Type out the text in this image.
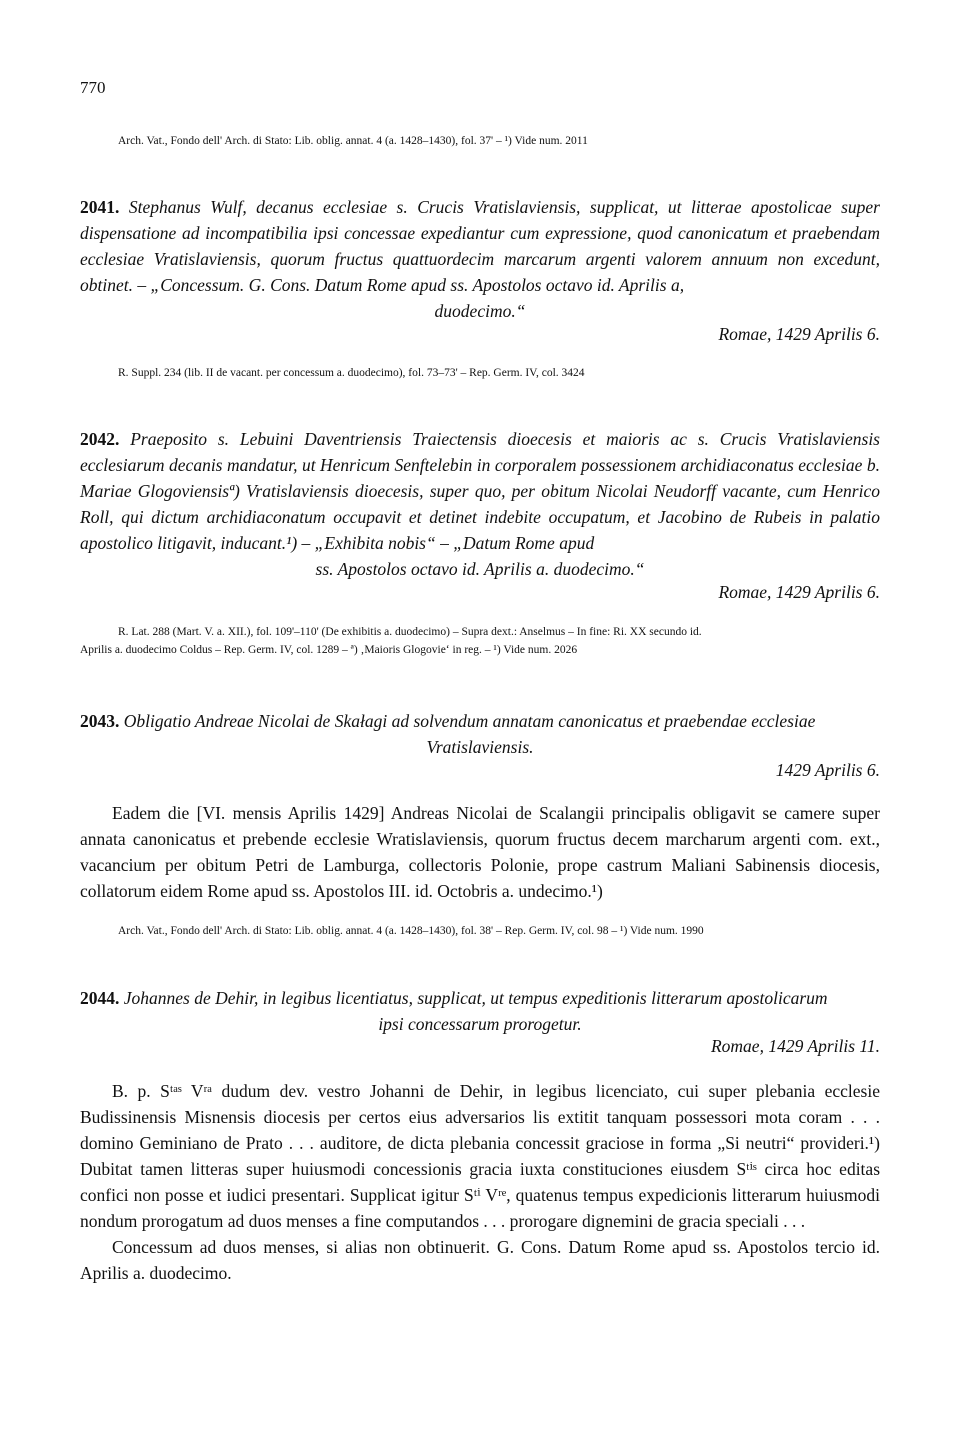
770
Arch. Vat., Fondo dell' Arch. di Stato: Lib. oblig. annat. 4 (a. 1428–1430), fol. 37' – ¹) Vide num. 2011
2041. Stephanus Wulf, decanus ecclesiae s. Crucis Vratislaviensis, supplicat, ut litterae apostolicae super dispensatione ad incompatibilia ipsi concessae expediantur cum expressione, quod canonicatum et praebendam ecclesiae Vratislaviensis, quorum fructus quattuordecim marcarum argenti valorem annuum non excedunt, obtinet. – „Concessum. G. Cons. Datum Rome apud ss. Apostolos octavo id. Aprilis a,
duodecimo.“
Romae, 1429 Aprilis 6.
R. Suppl. 234 (lib. II de vacant. per concessum a. duodecimo), fol. 73–73' – Rep. Germ. IV, col. 3424
2042. Praeposito s. Lebuini Daventriensis Traiectensis dioecesis et maioris ac s. Crucis Vratislaviensis ecclesiarum decanis mandatur, ut Henricum Senftelebin in corporalem possessionem archidiaconatus ecclesiae b. Mariae Glogoviensisª) Vratislaviensis dioecesis, super quo, per obitum Nicolai Neudorff vacante, cum Henrico Roll, qui dictum archidiaconatum occupavit et detinet indebite occupatum, et Jacobino de Rubeis in palatio apostolico litigavit, inducant.¹) – „Exhibita nobis“ – „Datum Rome apud
ss. Apostolos octavo id. Aprilis a. duodecimo.“
Romae, 1429 Aprilis 6.
R. Lat. 288 (Mart. V. a. XII.), fol. 109'–110' (De exhibitis a. duodecimo) – Supra dext.: Anselmus – In fine: Ri. XX secundo id.
Aprilis a. duodecimo Coldus – Rep. Germ. IV, col. 1289 – ª) ‚Maioris Glogovie‘ in reg. – ¹) Vide num. 2026
2043. Obligatio Andreae Nicolai de Skałagi ad solvendum annatam canonicatus et praebendae ecclesiae
Vratislaviensis.
1429 Aprilis 6.

Eadem die [VI. mensis Aprilis 1429] Andreas Nicolai de Scalangii principalis obligavit se camere super annata canonicatus et prebende ecclesie Wratislaviensis, quorum fructus decem marcharum argenti com. ext., vacancium per obitum Petri de Lamburga, collectoris Polonie, prope castrum Maliani Sabinensis diocesis, collatorum eidem Rome apud ss. Apostolos III. id. Octobris a. undecimo.¹)

Arch. Vat., Fondo dell' Arch. di Stato: Lib. oblig. annat. 4 (a. 1428–1430), fol. 38' – Rep. Germ. IV, col. 98 – ¹) Vide num. 1990
2044. Johannes de Dehir, in legibus licentiatus, supplicat, ut tempus expeditionis litterarum apostolicarum
ipsi concessarum prorogetur.
Romae, 1429 Aprilis 11.

B. p. Sᵗᵃˢ Vʳᵃ dudum dev. vestro Johanni de Dehir, in legibus licenciato, cui super plebania ecclesie Budissinensis Misnensis diocesis per certos eius adversarios lis extitit tanquam possessori mota coram . . . domino Geminiano de Prato . . . auditore, de dicta plebania concessit graciose in forma „Si neutri“ provideri.¹) Dubitat tamen litteras super huiusmodi concessionis gracia iuxta constituciones eiusdem Sᵗⁱˢ circa hoc editas confici non posse et iudici presentari. Supplicat igitur Sᵗⁱ Vʳᵉ, quatenus tempus expedicionis litterarum huiusmodi nondum prorogatum ad duos menses a fine computandos . . . prorogare dignemini de gracia speciali . . .

Concessum ad duos menses, si alias non obtinuerit. G. Cons. Datum Rome apud ss. Apostolos tercio id. Aprilis a. duodecimo.
